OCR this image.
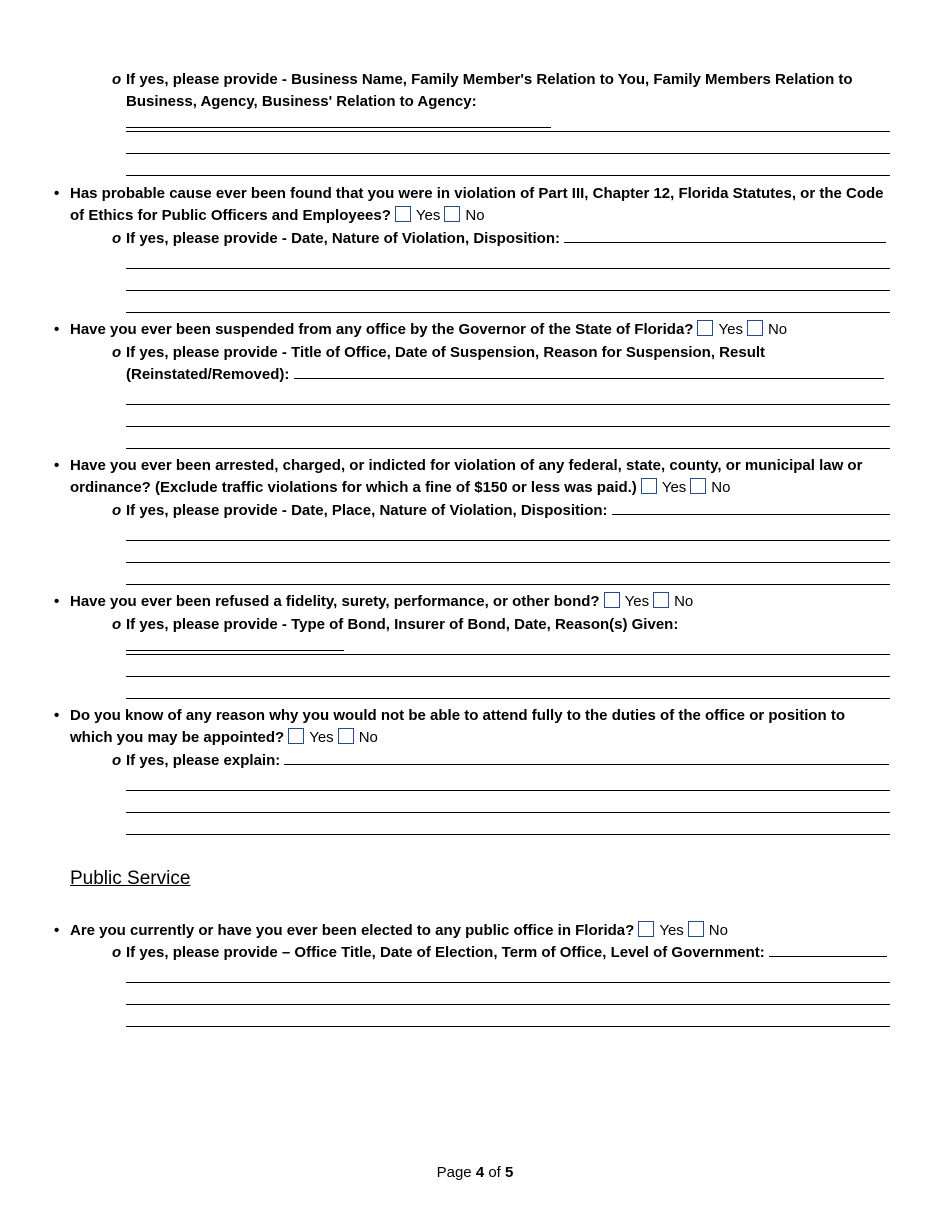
o If yes, please provide - Business Name, Family Member's Relation to You, Family Members Relation to
Business, Agency, Business' Relation to Agency:
• Has probable cause ever been found that you were in violation of Part III, Chapter 12, Florida Statutes, or the Code
of Ethics for Public Officers and Employees? Yes No
o If yes, please provide - Date, Nature of Violation, Disposition:
• Have you ever been suspended from any office by the Governor of the State of Florida? Yes No
o If yes, please provide - Title of Office, Date of Suspension, Reason for Suspension, Result
(Reinstated/Removed):
• Have you ever been arrested, charged, or indicted for violation of any federal, state, county, or municipal law or
ordinance? (Exclude traffic violations for which a fine of $150 or less was paid.) Yes No
o If yes, please provide - Date, Place, Nature of Violation, Disposition:
• Have you ever been refused a fidelity, surety, performance, or other bond? Yes No
o If yes, please provide - Type of Bond, Insurer of Bond, Date, Reason(s) Given:
• Do you know of any reason why you would not be able to attend fully to the duties of the office or position to
which you may be appointed? Yes No
o If yes, please explain:
Public Service
• Are you currently or have you ever been elected to any public office in Florida? Yes No
o If yes, please provide – Office Title, Date of Election, Term of Office, Level of Government:
Page 4 of 5
